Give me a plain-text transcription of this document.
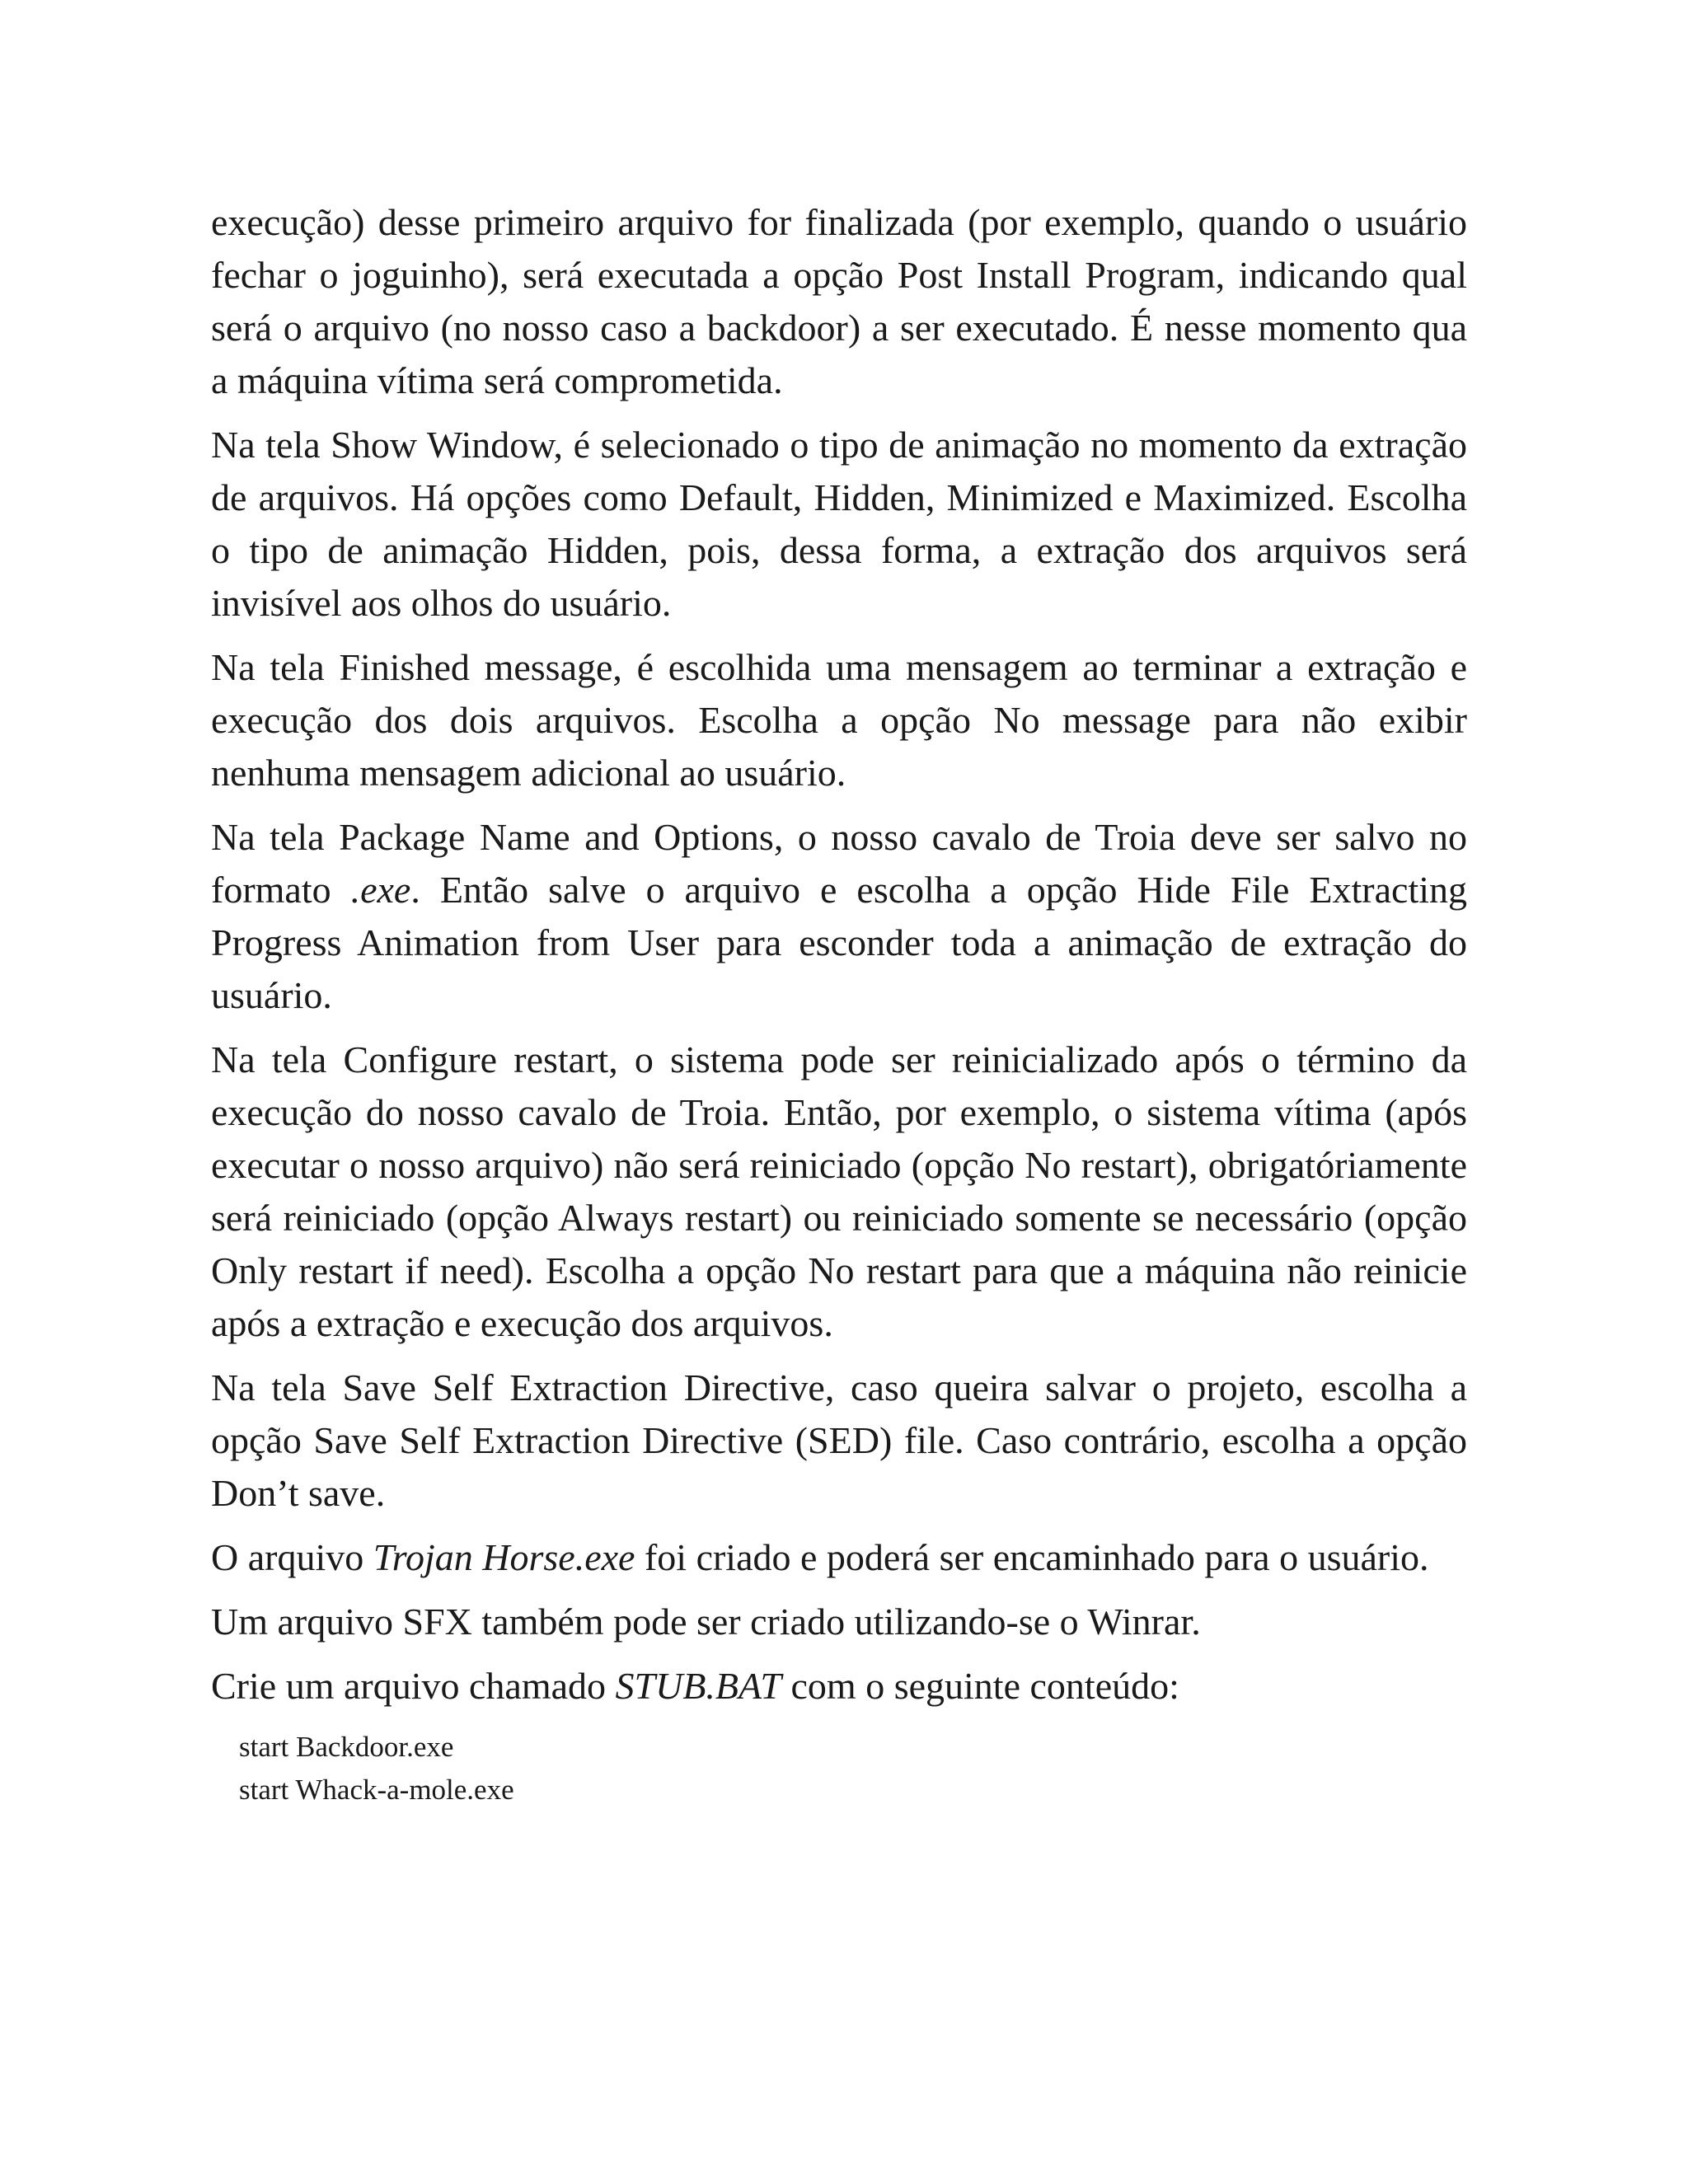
execução) desse primeiro arquivo for finalizada (por exemplo, quando o usuário fechar o joguinho), será executada a opção Post Install Program, indicando qual será o arquivo (no nosso caso a backdoor) a ser executado. É nesse momento qua a máquina vítima será comprometida.

Na tela Show Window, é selecionado o tipo de animação no momento da extração de arquivos. Há opções como Default, Hidden, Minimized e Maximized. Escolha o tipo de animação Hidden, pois, dessa forma, a extração dos arquivos será invisível aos olhos do usuário.

Na tela Finished message, é escolhida uma mensagem ao terminar a extração e execução dos dois arquivos. Escolha a opção No message para não exibir nenhuma mensagem adicional ao usuário.

Na tela Package Name and Options, o nosso cavalo de Troia deve ser salvo no formato .exe. Então salve o arquivo e escolha a opção Hide File Extracting Progress Animation from User para esconder toda a animação de extração do usuário.

Na tela Configure restart, o sistema pode ser reinicializado após o término da execução do nosso cavalo de Troia. Então, por exemplo, o sistema vítima (após executar o nosso arquivo) não será reiniciado (opção No restart), obrigatóriamente será reiniciado (opção Always restart) ou reiniciado somente se necessário (opção Only restart if need). Escolha a opção No restart para que a máquina não reinicie após a extração e execução dos arquivos.

Na tela Save Self Extraction Directive, caso queira salvar o projeto, escolha a opção Save Self Extraction Directive (SED) file. Caso contrário, escolha a opção Don’t save.

O arquivo Trojan Horse.exe foi criado e poderá ser encaminhado para o usuário.

Um arquivo SFX também pode ser criado utilizando-se o Winrar.

Crie um arquivo chamado STUB.BAT com o seguinte conteúdo:

start Backdoor.exe
start Whack-a-mole.exe
